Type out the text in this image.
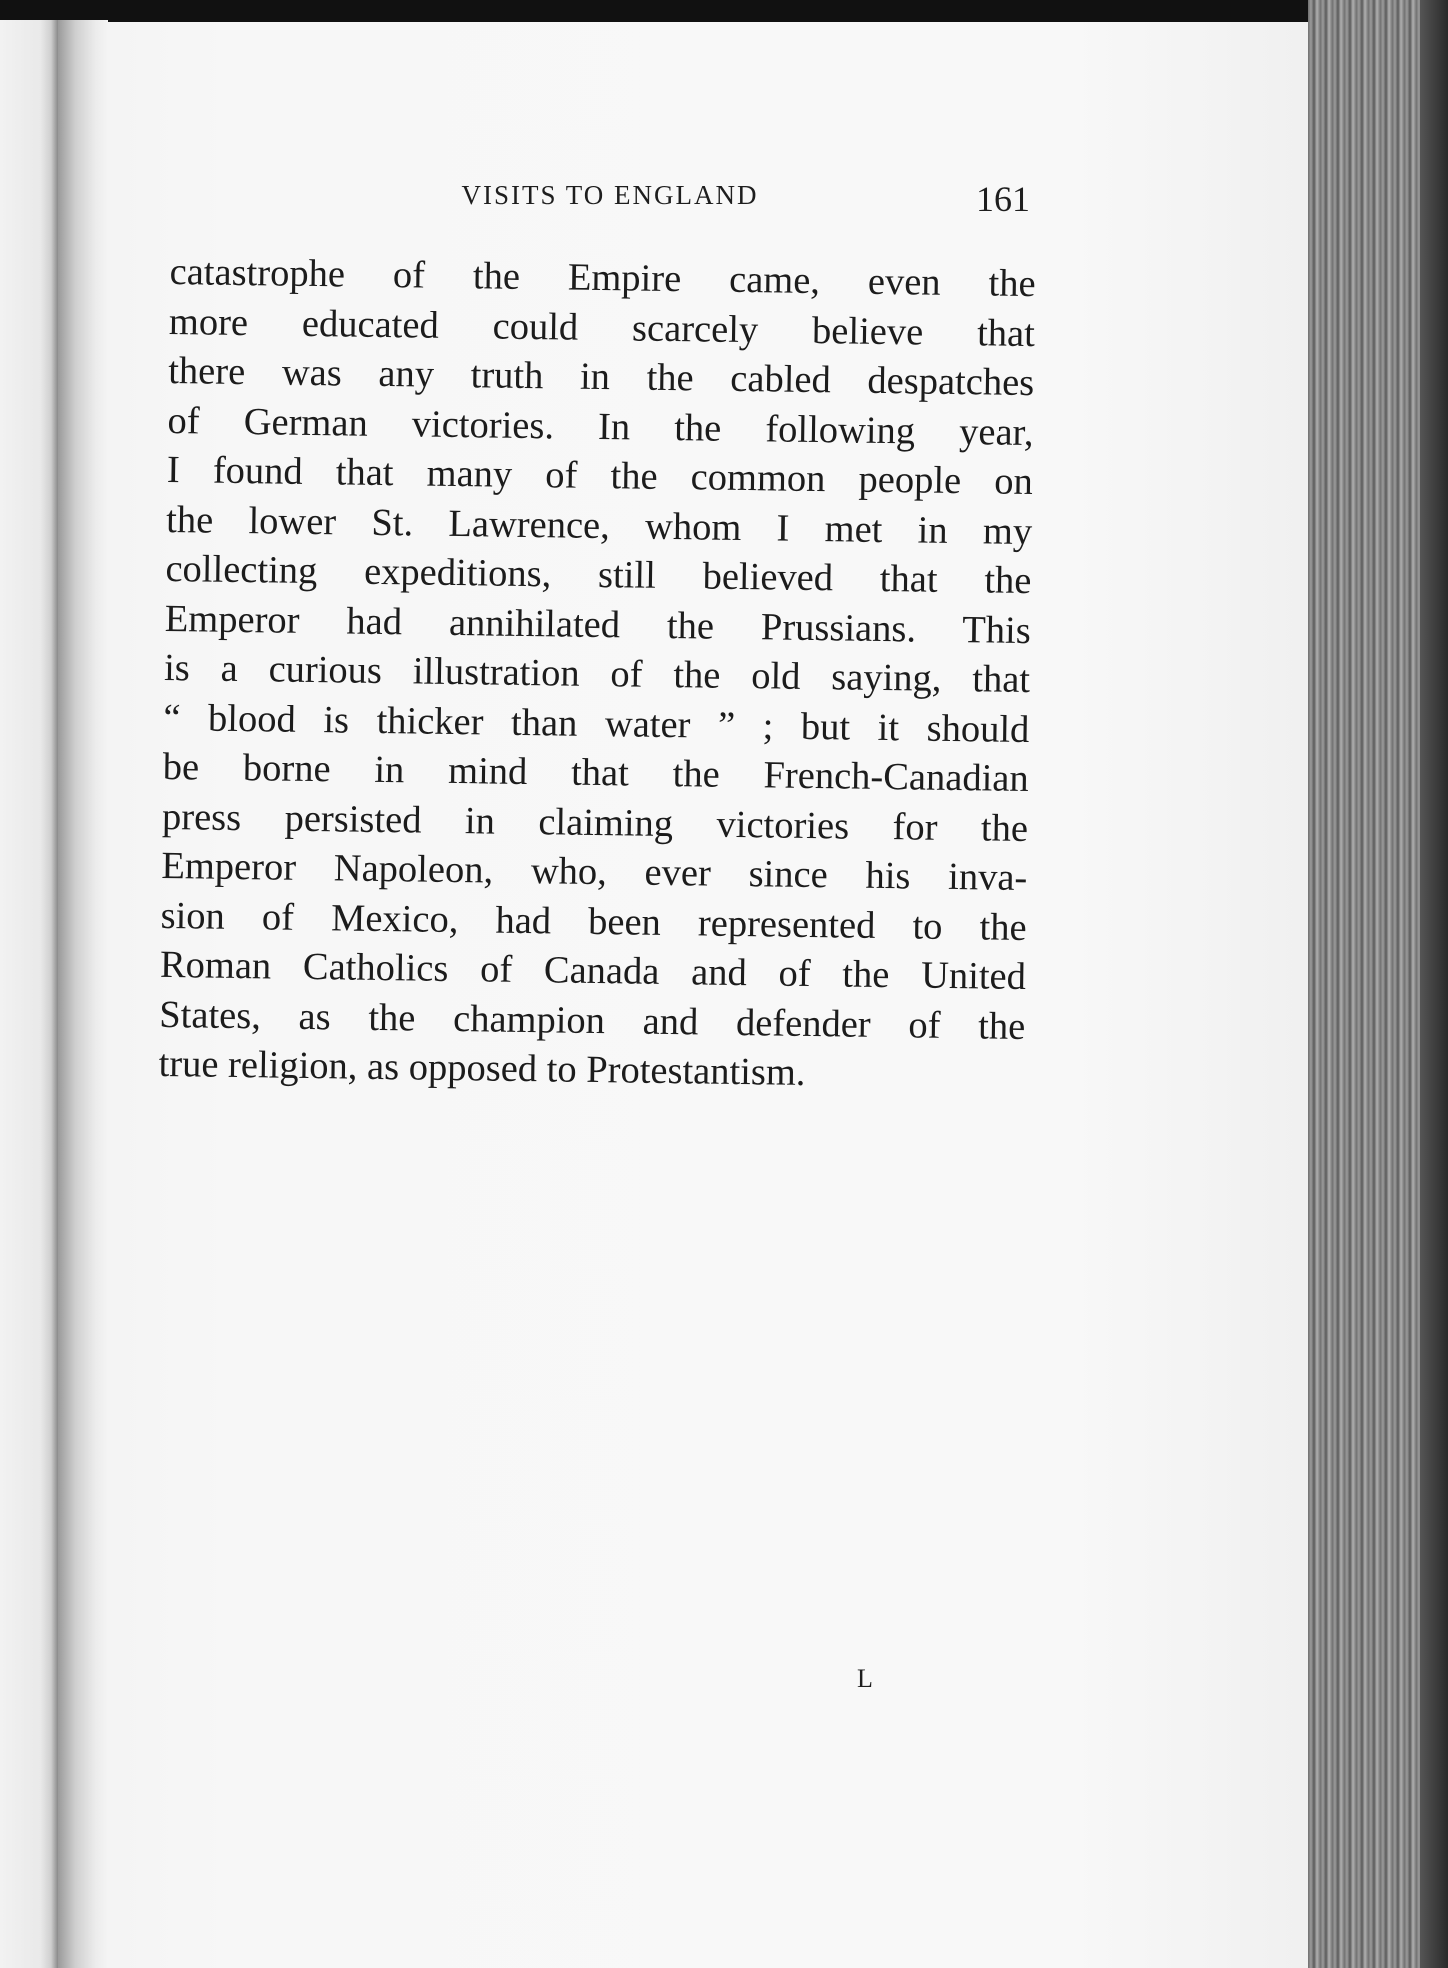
VISITS TO ENGLAND	161
catastrophe of the Empire came, even the
more educated could scarcely believe that
there was any truth in the cabled despatches
of German victories. In the following year,
I found that many of the common people on
the lower St. Lawrence, whom I met in my
collecting expeditions, still believed that the
Emperor had annihilated the Prussians. This
is a curious illustration of the old saying, that
“ blood is thicker than water ” ; but it should
be borne in mind that the French-Canadian
press persisted in claiming victories for the
Emperor Napoleon, who, ever since his inva-
sion of Mexico, had been represented to the
Roman Catholics of Canada and of the United
States, as the champion and defender of the
true religion, as opposed to Protestantism.
L
